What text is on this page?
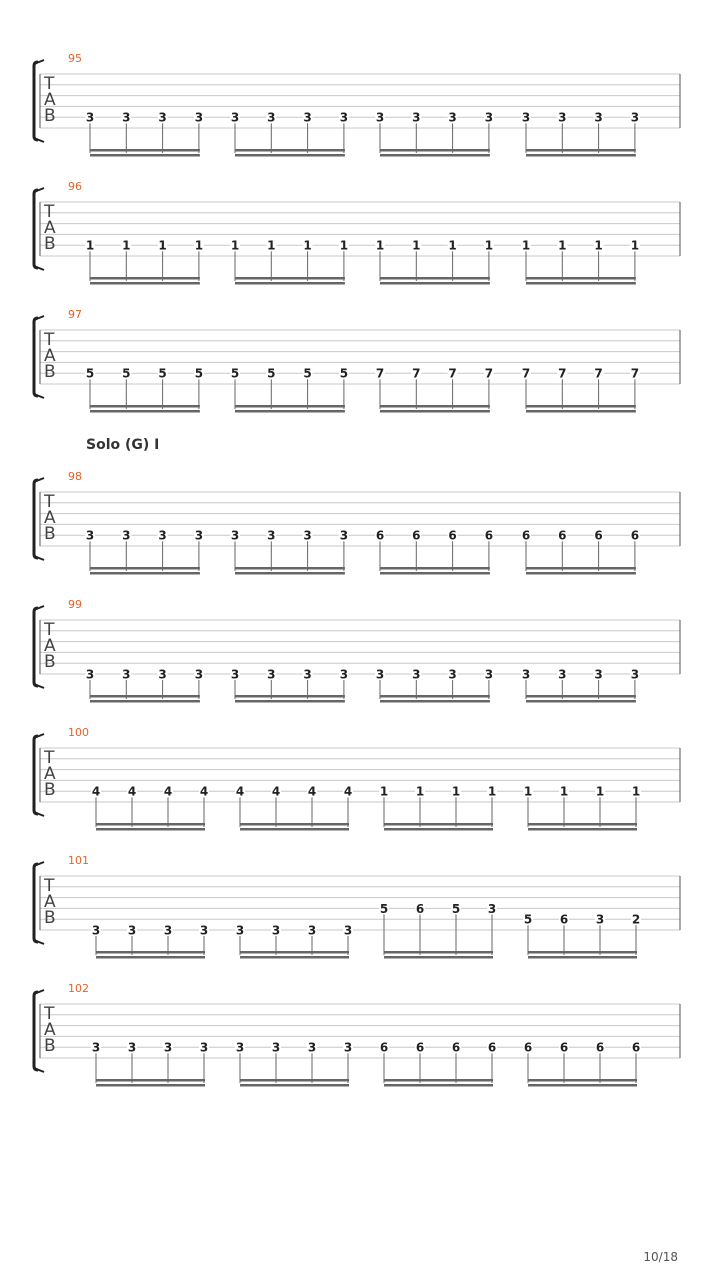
95
T
A
B	3 3 3 3 3 3 3 3 3 3 3 3 3 3 3 3
96
T
A
B	1 1 1 1 1 1 1 1 1 1 1 1 1 1 1 1
97
T
A
B	5 5 5 5 5 5 5 5 7 7 7 7 7 7 7 7
98
T
A
B	3 3 3 3 3 3 3 3 6 6 6 6 6 6 6 6
99
T
A
B
3 3 3 3 3 3 3 3 3 3 3 3 3 3 3 3
100
T
A
B	4 4 4 4 4 4 4 4 1 1 1 1 1 1 1 1
101
T
A
B
3 3 3 3 3 3 3 3
5 6 5 3
5 6 3 2
102
T
A
B	3 3 3 3 3 3 3 3 6 6 6 6 6 6 6 6
Solo (G) I
10/18
